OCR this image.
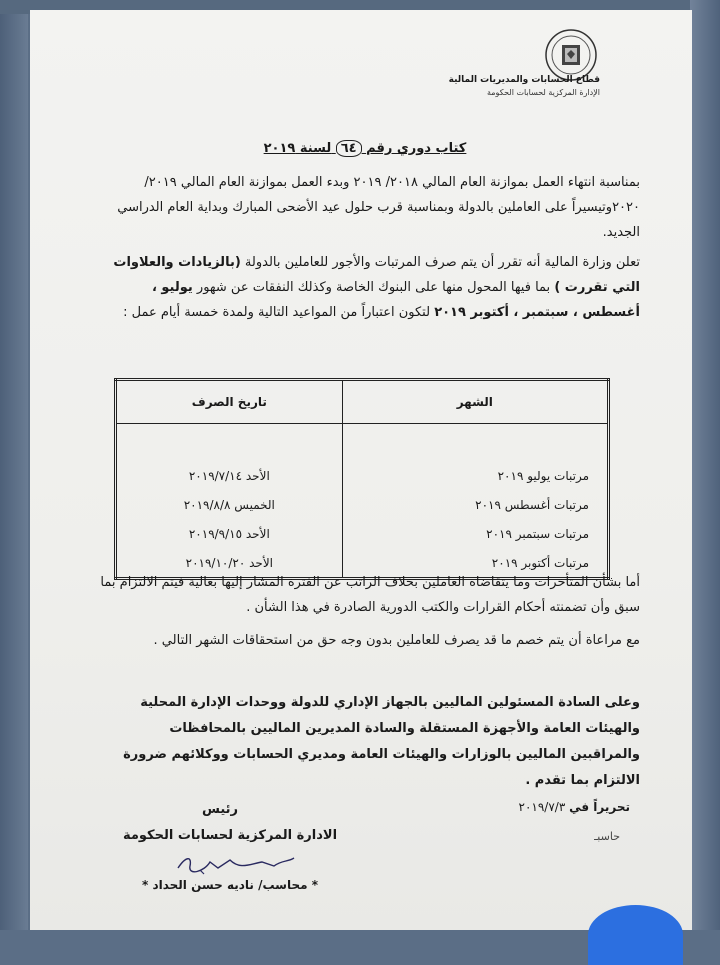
قطاع الحسابات والمديريات المالية
الإدارة المركزية لحسابات الحكومة
كتاب دوري رقم ٦٤ لسنة ٢٠١٩
بمناسبة انتهاء العمل بموازنة العام المالي ٢٠١٨/ ٢٠١٩ وبدء العمل بموازنة العام المالي ٢٠١٩/ ٢٠٢٠وتيسيراً على العاملين بالدولة وبمناسبة قرب حلول عيد الأضحى المبارك وبداية العام الدراسي الجديد.
تعلن وزارة المالية أنه تقرر أن يتم صرف المرتبات والأجور للعاملين بالدولة (بالزيادات والعلاوات التي تقررت ) بما فيها المحول منها على البنوك الخاصة وكذلك النفقات عن شهور يوليو ، أغسطس ، سبتمبر ، أكتوبر ٢٠١٩ لتكون اعتباراً من المواعيد التالية ولمدة خمسة أيام عمل :
الشهر	تاريخ الصرف

مرتبات يوليو ٢٠١٩	الأحد ٢٠١٩/٧/١٤
مرتبات أغسطس ٢٠١٩	الخميس ٢٠١٩/٨/٨
مرتبات سبتمبر ٢٠١٩	الأحد ٢٠١٩/٩/١٥
مرتبات أكتوبر ٢٠١٩	الأحد ٢٠١٩/١٠/٢٠
أما بشأن المتأخرات وما يتقاضاه العاملين بخلاف الراتب عن الفترة المشار إليها بعالية فيتم الالتزام بما سبق وأن تضمنته أحكام القرارات والكتب الدورية الصادرة في هذا الشأن .
مع مراعاة أن يتم خصم ما قد يصرف للعاملين بدون وجه حق من استحقاقات الشهر التالي .
وعلى السادة المسئولين الماليين بالجهاز الإداري للدولة ووحدات الإدارة المحلية والهيئات العامة والأجهزة المستقلة والسادة المديرين الماليين بالمحافظات والمراقبين الماليين بالوزارات والهيئات العامة ومديري الحسابات ووكلائهم ضرورة الالتزام بما تقدم .
تحريراً في ٢٠١٩/٧/٣
حاسبـ
رئيس
الادارة المركزية لحسابات الحكومة
* محاسب/ ناديه حسن الحداد *
